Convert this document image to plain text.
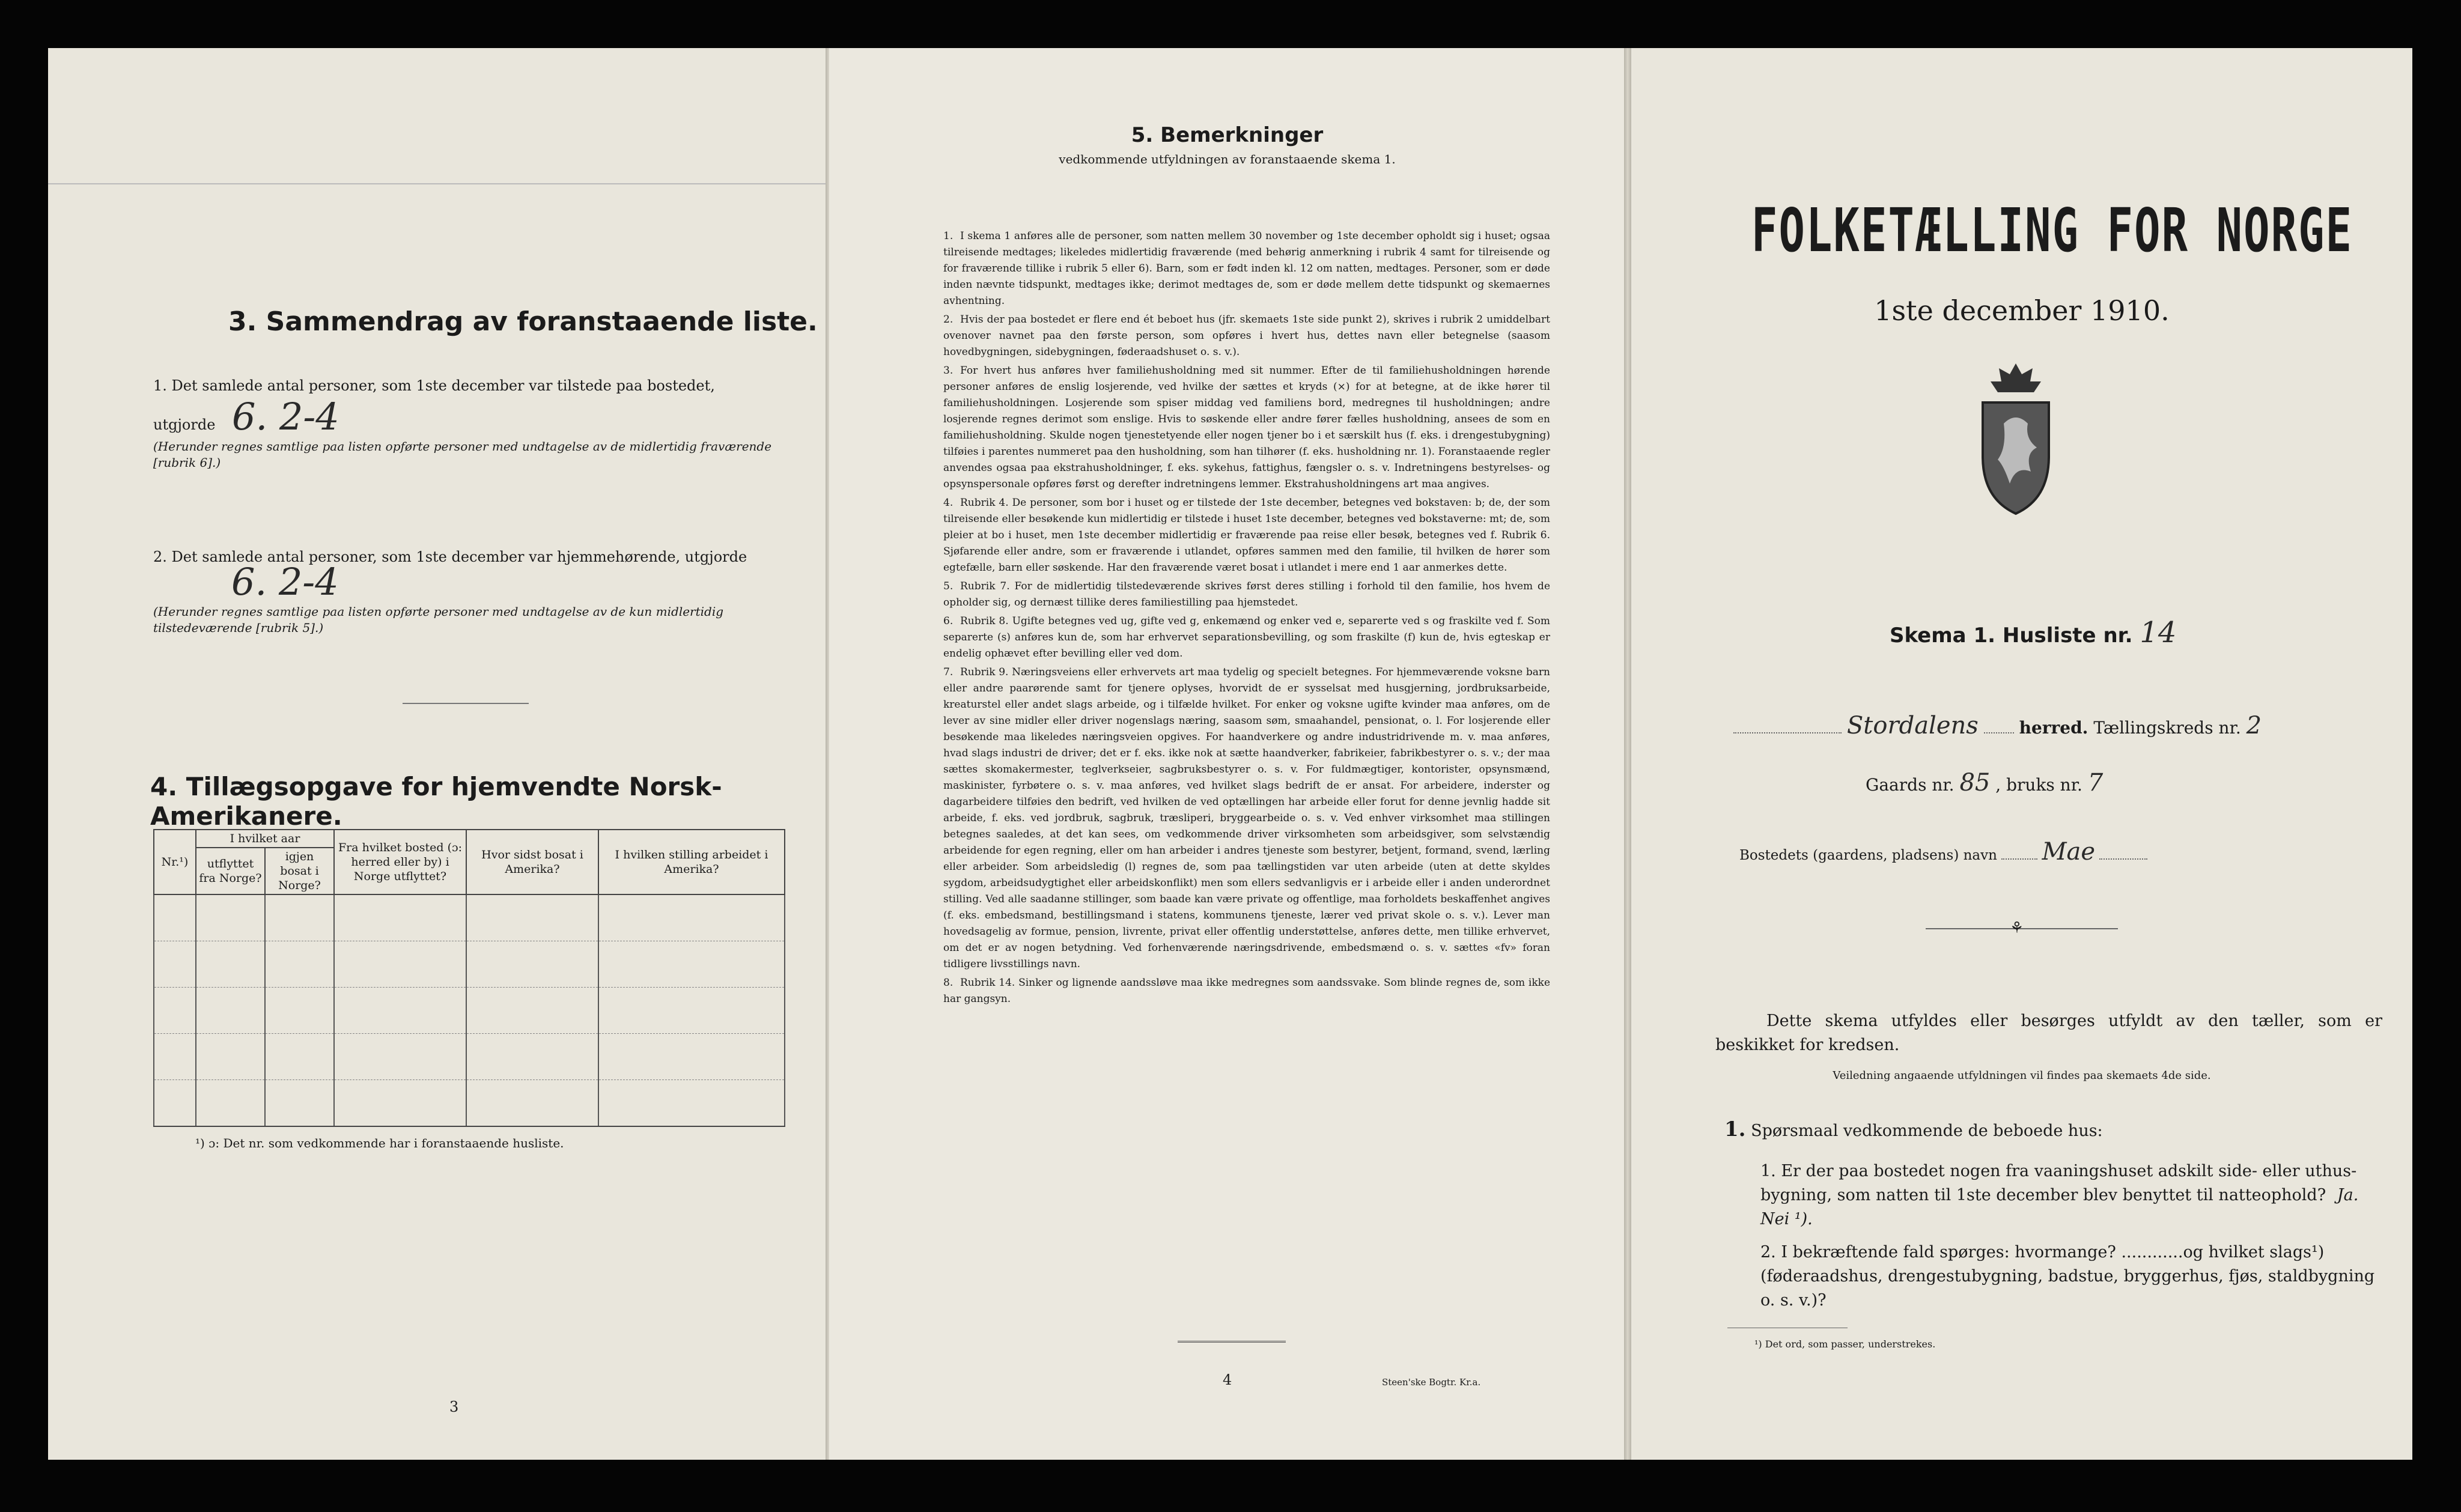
3. Sammendrag av foranstaaende liste.
1. Det samlede antal personer, som 1ste december var tilstede paa bostedet,
utgjorde 6. 2-4
(Herunder regnes samtlige paa listen opførte personer med undtagelse av de midlertidig fraværende [rubrik 6].)
2. Det samlede antal personer, som 1ste december var hjemmehørende, utgjorde
6. 2-4
(Herunder regnes samtlige paa listen opførte personer med undtagelse av de kun midlertidig tilstedeværende [rubrik 5].)
4. Tillægsopgave for hjemvendte Norsk-Amerikanere.
Nr.¹)	I hvilket aar		Fra hvilket bosted (ɔ: herred eller by) i Norge utflyttet?	Hvor sidst bosat i Amerika?	I hvilken stilling arbeidet i Amerika?
	utflyttet fra Norge?	igjen bosat i Norge?			

¹) ɔ: Det nr. som vedkommende har i foranstaaende husliste.
3
5. Bemerkninger
vedkommende utfyldningen av foranstaaende skema 1.

1. I skema 1 anføres alle de personer, som natten mellem 30 november og 1ste december opholdt sig i huset; ogsaa tilreisende medtages; likeledes midlertidig fraværende (med behørig anmerkning i rubrik 4 samt for tilreisende og for fraværende tillike i rubrik 5 eller 6). Barn, som er født inden kl. 12 om natten, medtages. Personer, som er døde inden nævnte tidspunkt, medtages ikke; derimot medtages de, som er døde mellem dette tidspunkt og skemaernes avhentning.

2. Hvis der paa bostedet er flere end ét beboet hus (jfr. skemaets 1ste side punkt 2), skrives i rubrik 2 umiddelbart ovenover navnet paa den første person, som opføres i hvert hus, dettes navn eller betegnelse (saasom hovedbygningen, sidebygningen, føderaadshuset o. s. v.).

3. For hvert hus anføres hver familiehusholdning med sit nummer. Efter de til familiehusholdningen hørende personer anføres de enslig losjerende, ved hvilke der sættes et kryds (×) for at betegne, at de ikke hører til familiehusholdningen. Losjerende som spiser middag ved familiens bord, medregnes til husholdningen; andre losjerende regnes derimot som enslige. Hvis to søskende eller andre fører fælles husholdning, ansees de som en familiehusholdning. Skulde nogen tjenestetyende eller nogen tjener bo i et særskilt hus (f. eks. i drengestubygning) tilføies i parentes nummeret paa den husholdning, som han tilhører (f. eks. husholdning nr. 1). Foranstaaende regler anvendes ogsaa paa ekstrahusholdninger, f. eks. sykehus, fattighus, fængsler o. s. v. Indretningens bestyrelses- og opsynspersonale opføres først og derefter indretningens lemmer. Ekstrahusholdningens art maa angives.

4. Rubrik 4. De personer, som bor i huset og er tilstede der 1ste december, betegnes ved bokstaven: b; de, der som tilreisende eller besøkende kun midlertidig er tilstede i huset 1ste december, betegnes ved bokstaverne: mt; de, som pleier at bo i huset, men 1ste december midlertidig er fraværende paa reise eller besøk, betegnes ved f. Rubrik 6. Sjøfarende eller andre, som er fraværende i utlandet, opføres sammen med den familie, til hvilken de hører som egtefælle, barn eller søskende. Har den fraværende været bosat i utlandet i mere end 1 aar anmerkes dette.

5. Rubrik 7. For de midlertidig tilstedeværende skrives først deres stilling i forhold til den familie, hos hvem de opholder sig, og dernæst tillike deres familiestilling paa hjemstedet.

6. Rubrik 8. Ugifte betegnes ved ug, gifte ved g, enkemænd og enker ved e, separerte ved s og fraskilte ved f. Som separerte (s) anføres kun de, som har erhvervet separationsbevilling, og som fraskilte (f) kun de, hvis egteskap er endelig ophævet efter bevilling eller ved dom.

7. Rubrik 9. Næringsveiens eller erhvervets art maa tydelig og specielt betegnes. For hjemmeværende voksne barn eller andre paarørende samt for tjenere oplyses, hvorvidt de er sysselsat med husgjerning, jordbruksarbeide, kreaturstel eller andet slags arbeide, og i tilfælde hvilket. For enker og voksne ugifte kvinder maa anføres, om de lever av sine midler eller driver nogenslags næring, saasom søm, smaahandel, pensionat, o. l. For losjerende eller besøkende maa likeledes næringsveien opgives. For haandverkere og andre industridrivende m. v. maa anføres, hvad slags industri de driver; det er f. eks. ikke nok at sætte haandverker, fabrikeier, fabrikbestyrer o. s. v.; der maa sættes skomakermester, teglverkseier, sagbruksbestyrer o. s. v. For fuldmægtiger, kontorister, opsynsmænd, maskinister, fyrbøtere o. s. v. maa anføres, ved hvilket slags bedrift de er ansat. For arbeidere, inderster og dagarbeidere tilføies den bedrift, ved hvilken de ved optællingen har arbeide eller forut for denne jevnlig hadde sit arbeide, f. eks. ved jordbruk, sagbruk, træsliperi, bryggearbeide o. s. v. Ved enhver virksomhet maa stillingen betegnes saaledes, at det kan sees, om vedkommende driver virksomheten som arbeidsgiver, som selvstændig arbeidende for egen regning, eller om han arbeider i andres tjeneste som bestyrer, betjent, formand, svend, lærling eller arbeider. Som arbeidsledig (l) regnes de, som paa tællingstiden var uten arbeide (uten at dette skyldes sygdom, arbeidsudygtighet eller arbeidskonflikt) men som ellers sedvanligvis er i arbeide eller i anden underordnet stilling. Ved alle saadanne stillinger, som baade kan være private og offentlige, maa forholdets beskaffenhet angives (f. eks. embedsmand, bestillingsmand i statens, kommunens tjeneste, lærer ved privat skole o. s. v.). Lever man hovedsagelig av formue, pension, livrente, privat eller offentlig understøttelse, anføres dette, men tillike erhvervet, om det er av nogen betydning. Ved forhenværende næringsdrivende, embedsmænd o. s. v. sættes «fv» foran tidligere livsstillings navn.

8. Rubrik 14. Sinker og lignende aandssløve maa ikke medregnes som aandssvake. Som blinde regnes de, som ikke har gangsyn.

4	Steen'ske Bogtr. Kr.a.
FOLKETÆLLING FOR NORGE
1ste december 1910.
Skema 1. Husliste nr. 14
Stordalens herred. Tællingskreds nr. 2
Gaards nr. 85 , bruks nr. 7
Bostedets (gaardens, pladsens) navn Mae
⚘
Dette skema utfyldes eller besørges utfyldt av den tæller, som er beskikket for kredsen.
Veiledning angaaende utfyldningen vil findes paa skemaets 4de side.
1. Spørsmaal vedkommende de beboede hus:
1. Er der paa bostedet nogen fra vaaningshuset adskilt side- eller uthus-bygning, som natten til 1ste december blev benyttet til natteophold? Ja. Nei ¹).
2. I bekræftende fald spørges: hvormange? ............og hvilket slags¹) (føderaadshus, drengestubygning, badstue, bryggerhus, fjøs, staldbygning o. s. v.)?
¹) Det ord, som passer, understrekes.
